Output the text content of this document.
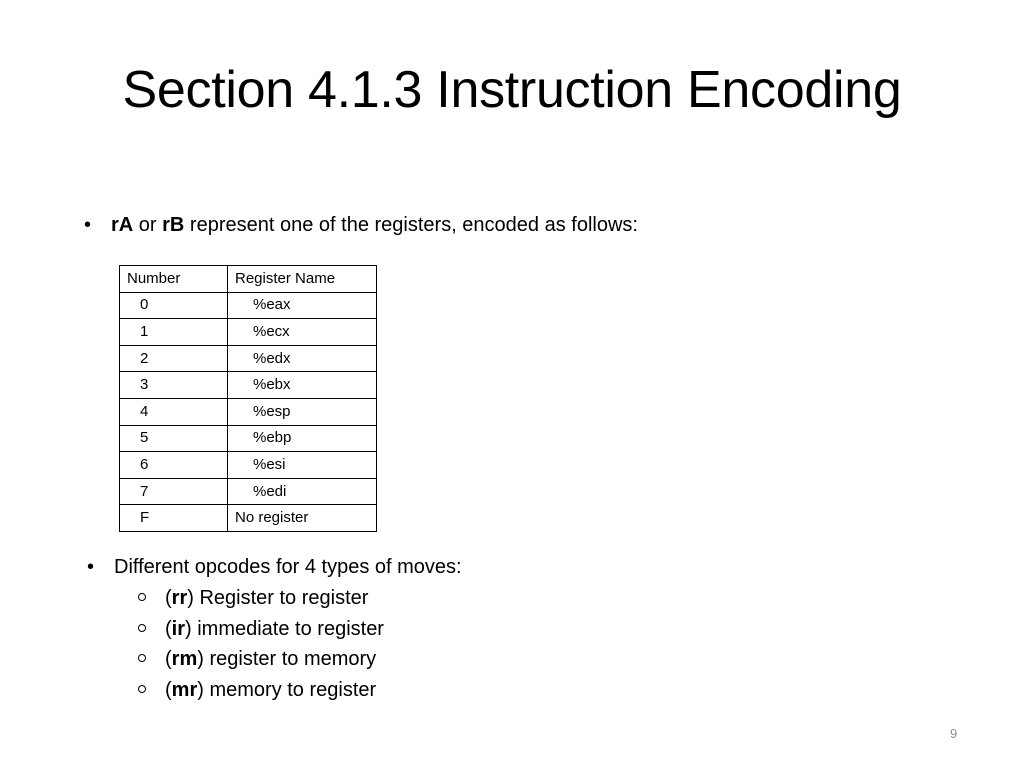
Section 4.1.3 Instruction Encoding
• rA or rB represent one of the registers, encoded as follows:
Number	Register Name
0	%eax
1	%ecx
2	%edx
3	%ebx
4	%esp
5	%ebp
6	%esi
7	%edi
F	No register
• Different opcodes for 4 types of moves:
(rr) Register to register
(ir) immediate to register
(rm) register to memory
(mr) memory to register
9
